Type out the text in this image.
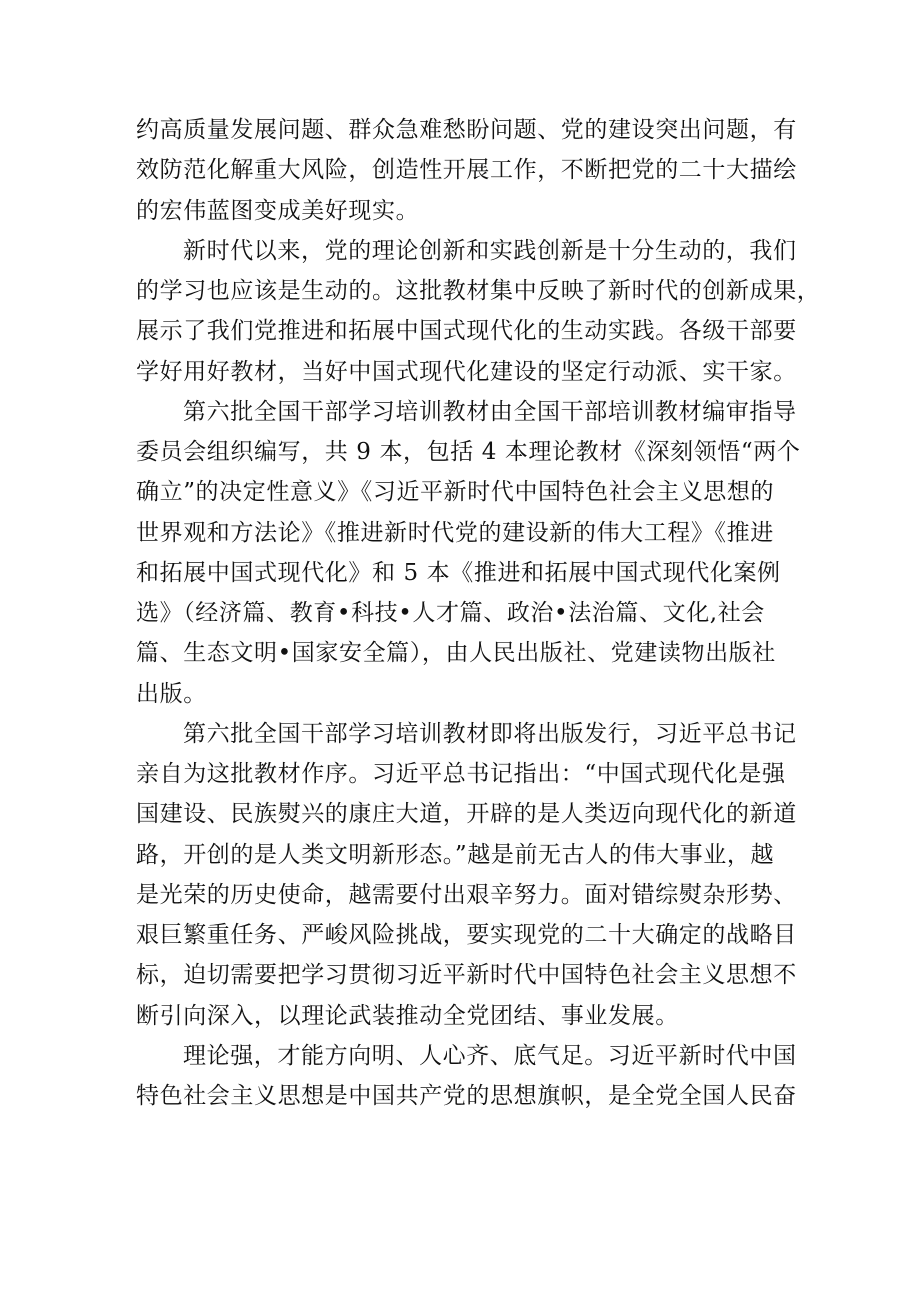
约高质量发展问题、群众急难愁盼问题、党的建设突出问题，有
效防范化解重大风险，创造性开展工作，不断把党的二十大描绘
的宏伟蓝图变成美好现实。
新时代以来，党的理论创新和实践创新是十分生动的，我们
的学习也应该是生动的。这批教材集中反映了新时代的创新成果，
展示了我们党推进和拓展中国式现代化的生动实践。各级干部要
学好用好教材，当好中国式现代化建设的坚定行动派、实干家。
第六批全国干部学习培训教材由全国干部培训教材编审指导
委员会组织编写，共 9 本，包括 4 本理论教材《深刻领悟“两个
确立”的决定性意义》《习近平新时代中国特色社会主义思想的
世界观和方法论》《推进新时代党的建设新的伟大工程》《推进
和拓展中国式现代化》和 5 本《推进和拓展中国式现代化案例
选》（经济篇、教育•科技•人才篇、政治•法治篇、文化,社会
篇、生态文明•国家安全篇），由人民出版社、党建读物出版社
出版。
第六批全国干部学习培训教材即将出版发行，习近平总书记
亲自为这批教材作序。习近平总书记指出：“中国式现代化是强
国建设、民族熨兴的康庄大道，开辟的是人类迈向现代化的新道
路，开创的是人类文明新形态。”越是前无古人的伟大事业，越
是光荣的历史使命，越需要付出艰辛努力。面对错综熨杂形势、
艰巨繁重任务、严峻风险挑战，要实现党的二十大确定的战略目
标，迫切需要把学习贯彻习近平新时代中国特色社会主义思想不
断引向深入，以理论武装推动全党团结、事业发展。
理论强，才能方向明、人心齐、底气足。习近平新时代中国
特色社会主义思想是中国共产党的思想旗帜，是全党全国人民奋
